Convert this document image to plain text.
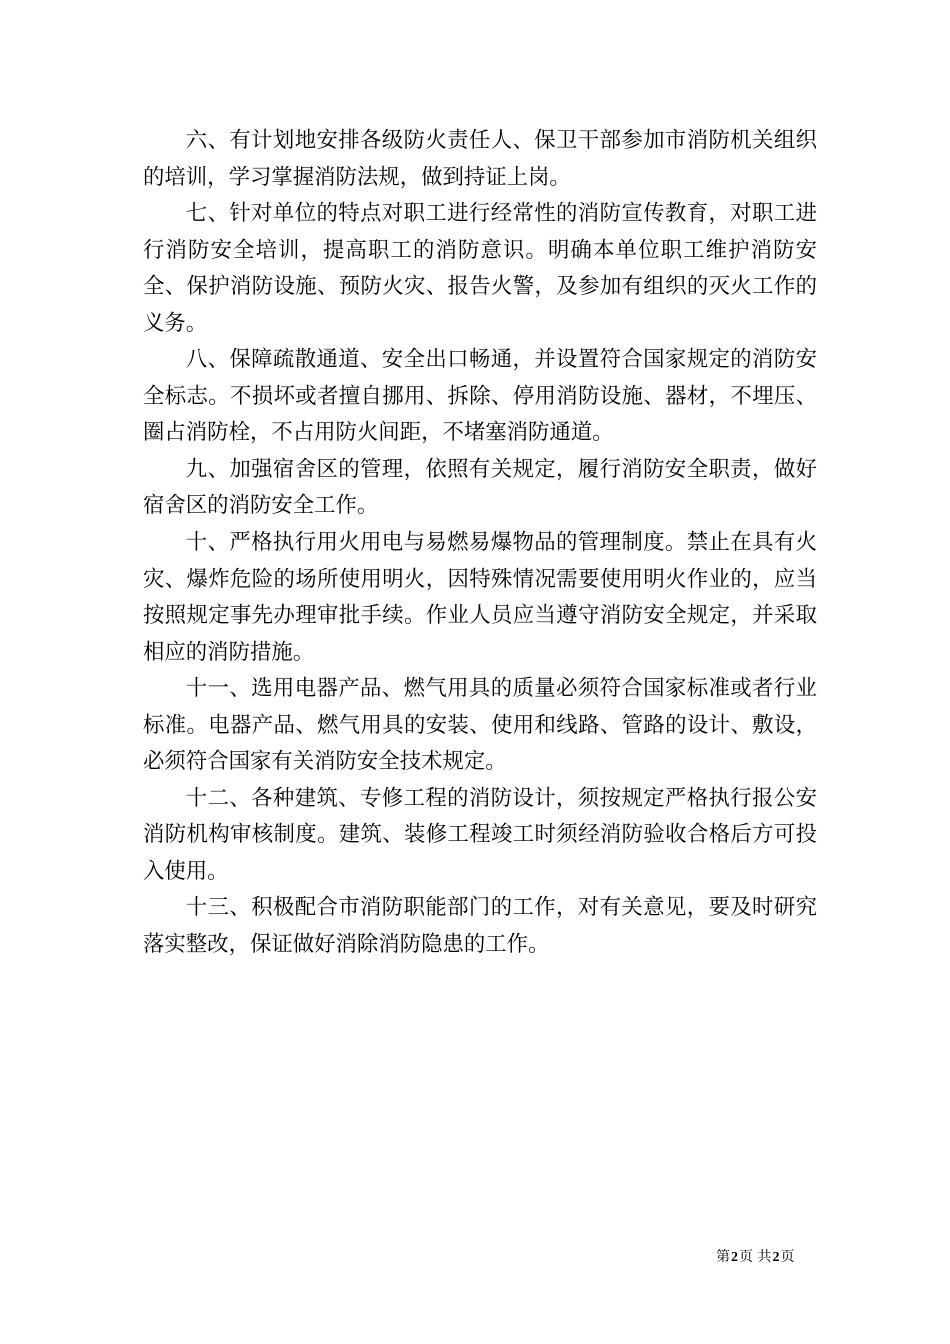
六、有计划地安排各级防火责任人、保卫干部参加市消防机关组织的培训，学习掌握消防法规，做到持证上岗。

七、针对单位的特点对职工进行经常性的消防宣传教育，对职工进行消防安全培训，提高职工的消防意识。明确本单位职工维护消防安全、保护消防设施、预防火灾、报告火警，及参加有组织的灭火工作的义务。

八、保障疏散通道、安全出口畅通，并设置符合国家规定的消防安全标志。不损坏或者擅自挪用、拆除、停用消防设施、器材，不埋压、圈占消防栓，不占用防火间距，不堵塞消防通道。

九、加强宿舍区的管理，依照有关规定，履行消防安全职责，做好宿舍区的消防安全工作。

十、严格执行用火用电与易燃易爆物品的管理制度。禁止在具有火灾、爆炸危险的场所使用明火，因特殊情况需要使用明火作业的，应当按照规定事先办理审批手续。作业人员应当遵守消防安全规定，并采取相应的消防措施。

十一、选用电器产品、燃气用具的质量必须符合国家标准或者行业标准。电器产品、燃气用具的安装、使用和线路、管路的设计、敷设，必须符合国家有关消防安全技术规定。

十二、各种建筑、专修工程的消防设计，须按规定严格执行报公安消防机构审核制度。建筑、装修工程竣工时须经消防验收合格后方可投入使用。

十三、积极配合市消防职能部门的工作，对有关意见，要及时研究落实整改，保证做好消除消防隐患的工作。

第2页 共2页
